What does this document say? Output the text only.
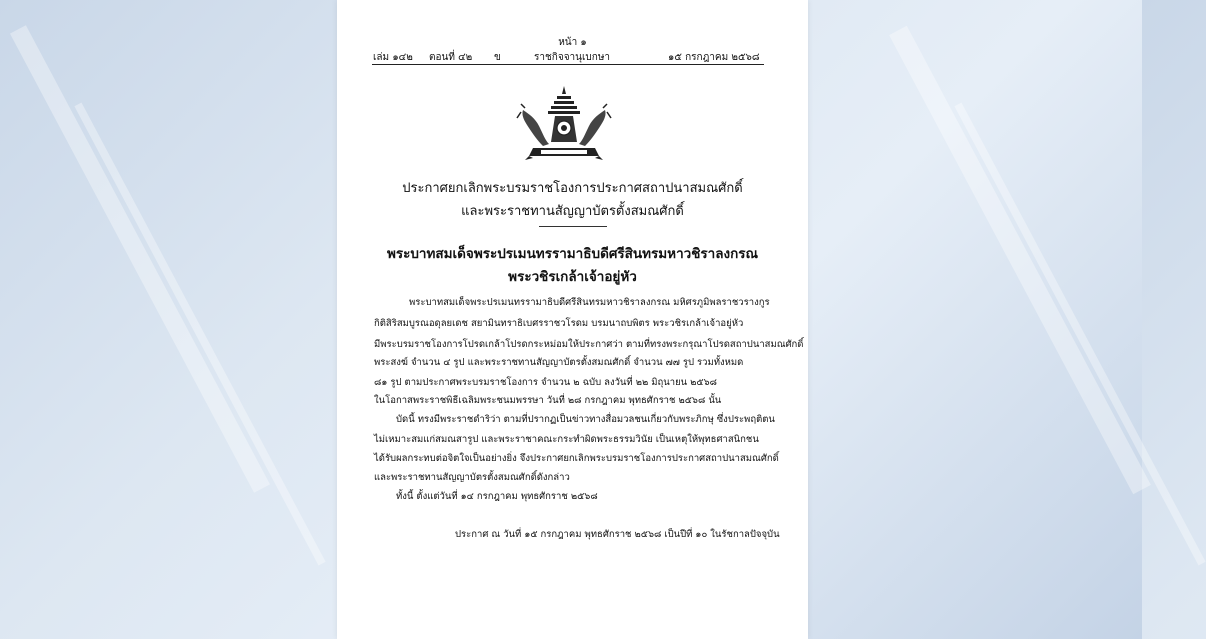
หน้า ๑
เล่ม ๑๔๒ ตอนที่ ๔๒ ข	ราชกิจจานุเบกษา	๑๕ กรกฎาคม ๒๕๖๘
ประกาศยกเลิกพระบรมราชโองการประกาศสถาปนาสมณศักดิ์
และพระราชทานสัญญาบัตรตั้งสมณศักดิ์
พระบาทสมเด็จพระปรเมนทรรามาธิบดีศรีสินทรมหาวชิราลงกรณ
พระวชิรเกล้าเจ้าอยู่หัว
พระบาทสมเด็จพระปรเมนทรรามาธิบดีศรีสินทรมหาวชิราลงกรณ มหิศรภูมิพลราชวรางกูร
กิติสิริสมบูรณอดุลยเดช สยามินทราธิเบศรราชวโรดม บรมนาถบพิตร พระวชิรเกล้าเจ้าอยู่หัว
มีพระบรมราชโองการโปรดเกล้าโปรดกระหม่อมให้ประกาศว่า ตามที่ทรงพระกรุณาโปรดสถาปนาสมณศักดิ์
พระสงฆ์ จำนวน ๔ รูป และพระราชทานสัญญาบัตรตั้งสมณศักดิ์ จำนวน ๗๗ รูป รวมทั้งหมด
๘๑ รูป ตามประกาศพระบรมราชโองการ จำนวน ๒ ฉบับ ลงวันที่ ๒๒ มิถุนายน ๒๕๖๘
ในโอกาสพระราชพิธีเฉลิมพระชนมพรรษา วันที่ ๒๘ กรกฎาคม พุทธศักราช ๒๕๖๘ นั้น
บัดนี้ ทรงมีพระราชดำริว่า ตามที่ปรากฏเป็นข่าวทางสื่อมวลชนเกี่ยวกับพระภิกษุ ซึ่งประพฤติตน
ไม่เหมาะสมแก่สมณสารูป และพระราชาคณะกระทำผิดพระธรรมวินัย เป็นเหตุให้พุทธศาสนิกชน
ได้รับผลกระทบต่อจิตใจเป็นอย่างยิ่ง จึงประกาศยกเลิกพระบรมราชโองการประกาศสถาปนาสมณศักดิ์
และพระราชทานสัญญาบัตรตั้งสมณศักดิ์ดังกล่าว
ทั้งนี้ ตั้งแต่วันที่ ๑๔ กรกฎาคม พุทธศักราช ๒๕๖๘
ประกาศ ณ วันที่ ๑๕ กรกฎาคม พุทธศักราช ๒๕๖๘ เป็นปีที่ ๑๐ ในรัชกาลปัจจุบัน
